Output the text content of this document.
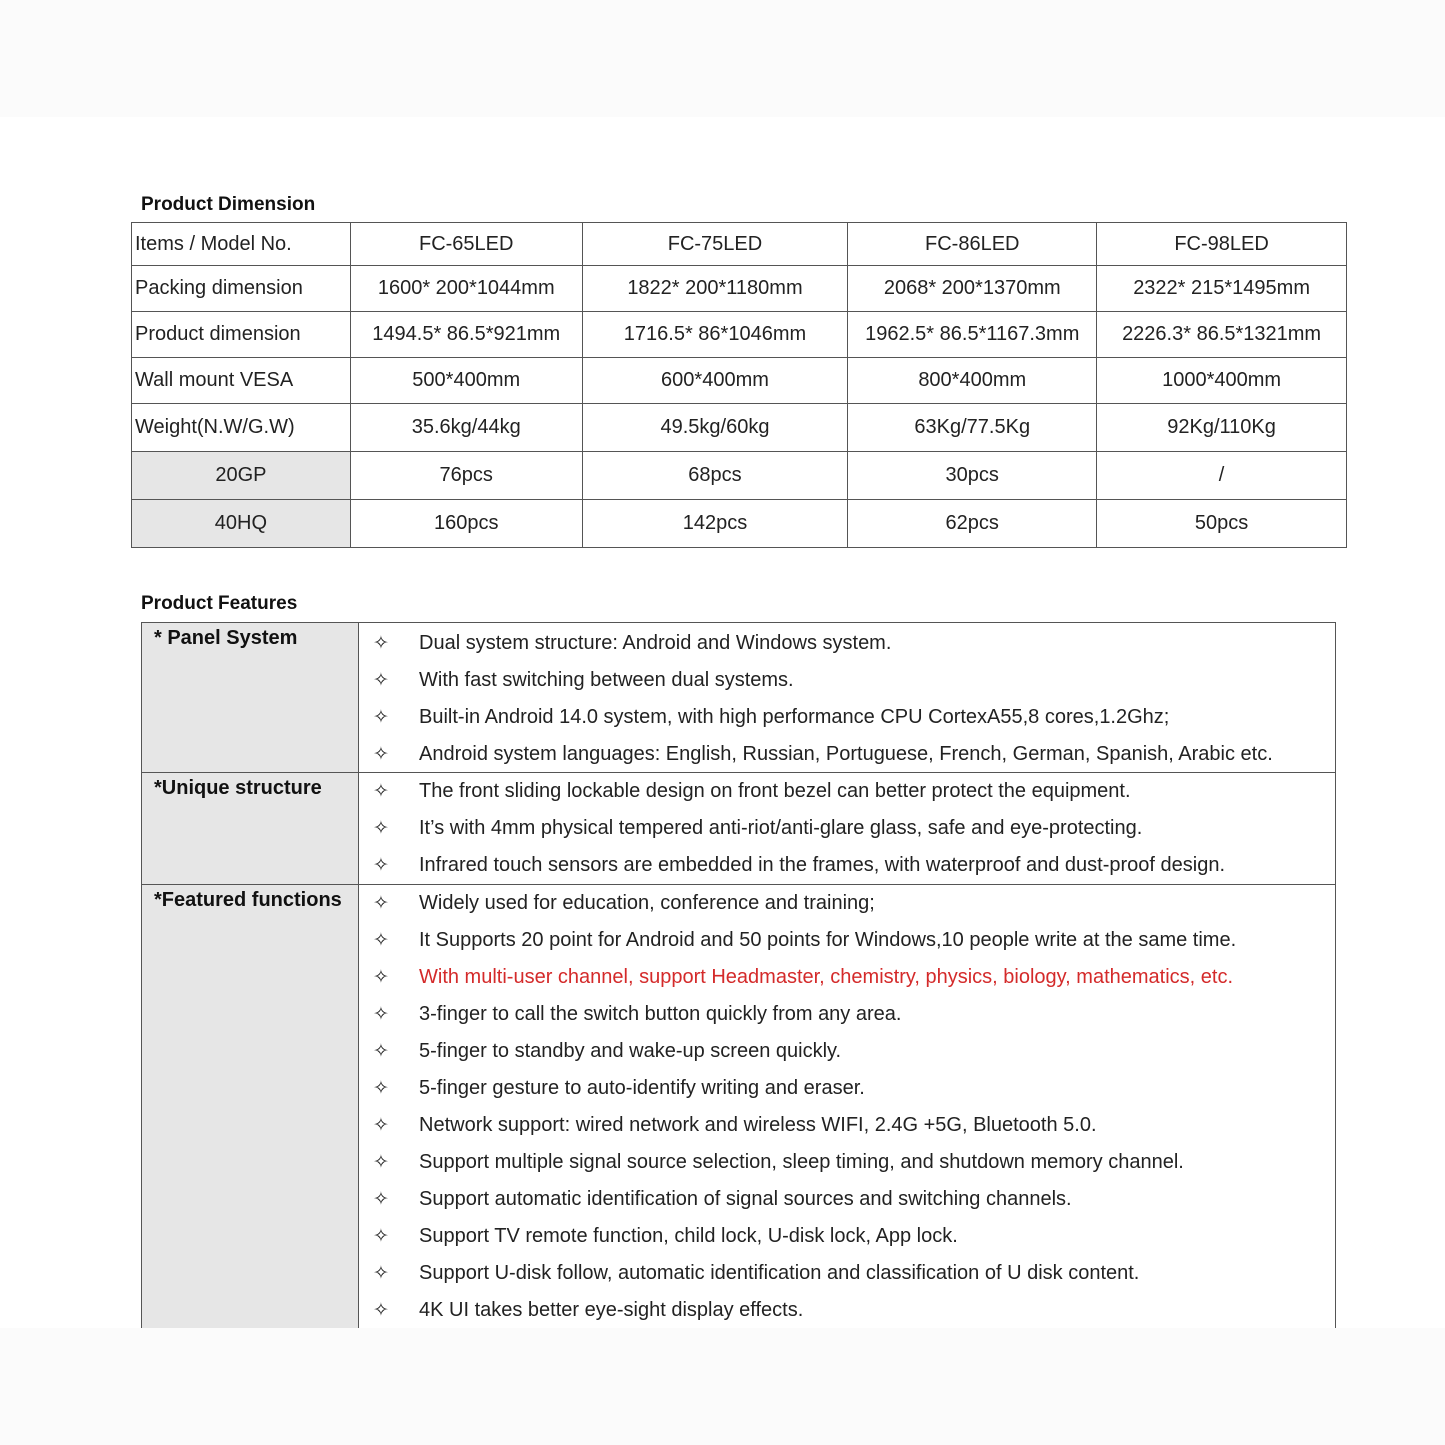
Product Dimension
Items / Model No.	FC-65LED	FC-75LED	FC-86LED	FC-98LED
Packing dimension	1600* 200*1044mm	1822* 200*1180mm	2068* 200*1370mm	2322* 215*1495mm
Product dimension	1494.5* 86.5*921mm	1716.5* 86*1046mm	1962.5* 86.5*1167.3mm	2226.3* 86.5*1321mm
Wall mount VESA	500*400mm	600*400mm	800*400mm	1000*400mm
Weight(N.W/G.W)	35.6kg/44kg	49.5kg/60kg	63Kg/77.5Kg	92Kg/110Kg
20GP	76pcs	68pcs	30pcs	/
40HQ	160pcs	142pcs	62pcs	50pcs
Product Features
* Panel System	✧ Dual system structure: Android and Windows system.
✧ With fast switching between dual systems.
✧ Built-in Android 14.0 system, with high performance CPU CortexA55,8 cores,1.2Ghz;
✧ Android system languages: English, Russian, Portuguese, French, German, Spanish, Arabic etc.
*Unique structure	✧ The front sliding lockable design on front bezel can better protect the equipment.
✧ It’s with 4mm physical tempered anti-riot/anti-glare glass, safe and eye-protecting.
✧ Infrared touch sensors are embedded in the frames, with waterproof and dust-proof design.
*Featured functions ✧ Widely used for education, conference and training;
✧ It Supports 20 point for Android and 50 points for Windows,10 people write at the same time.
✧ With multi-user channel, support Headmaster, chemistry, physics, biology, mathematics, etc.
✧ 3-finger to call the switch button quickly from any area.
✧ 5-finger to standby and wake-up screen quickly.
✧ 5-finger gesture to auto-identify writing and eraser.
✧ Network support: wired network and wireless WIFI, 2.4G +5G, Bluetooth 5.0.
✧ Support multiple signal source selection, sleep timing, and shutdown memory channel.
✧ Support automatic identification of signal sources and switching channels.
✧ Support TV remote function, child lock, U-disk lock, App lock.
✧ Support U-disk follow, automatic identification and classification of U disk content.
✧ 4K UI takes better eye-sight display effects.
